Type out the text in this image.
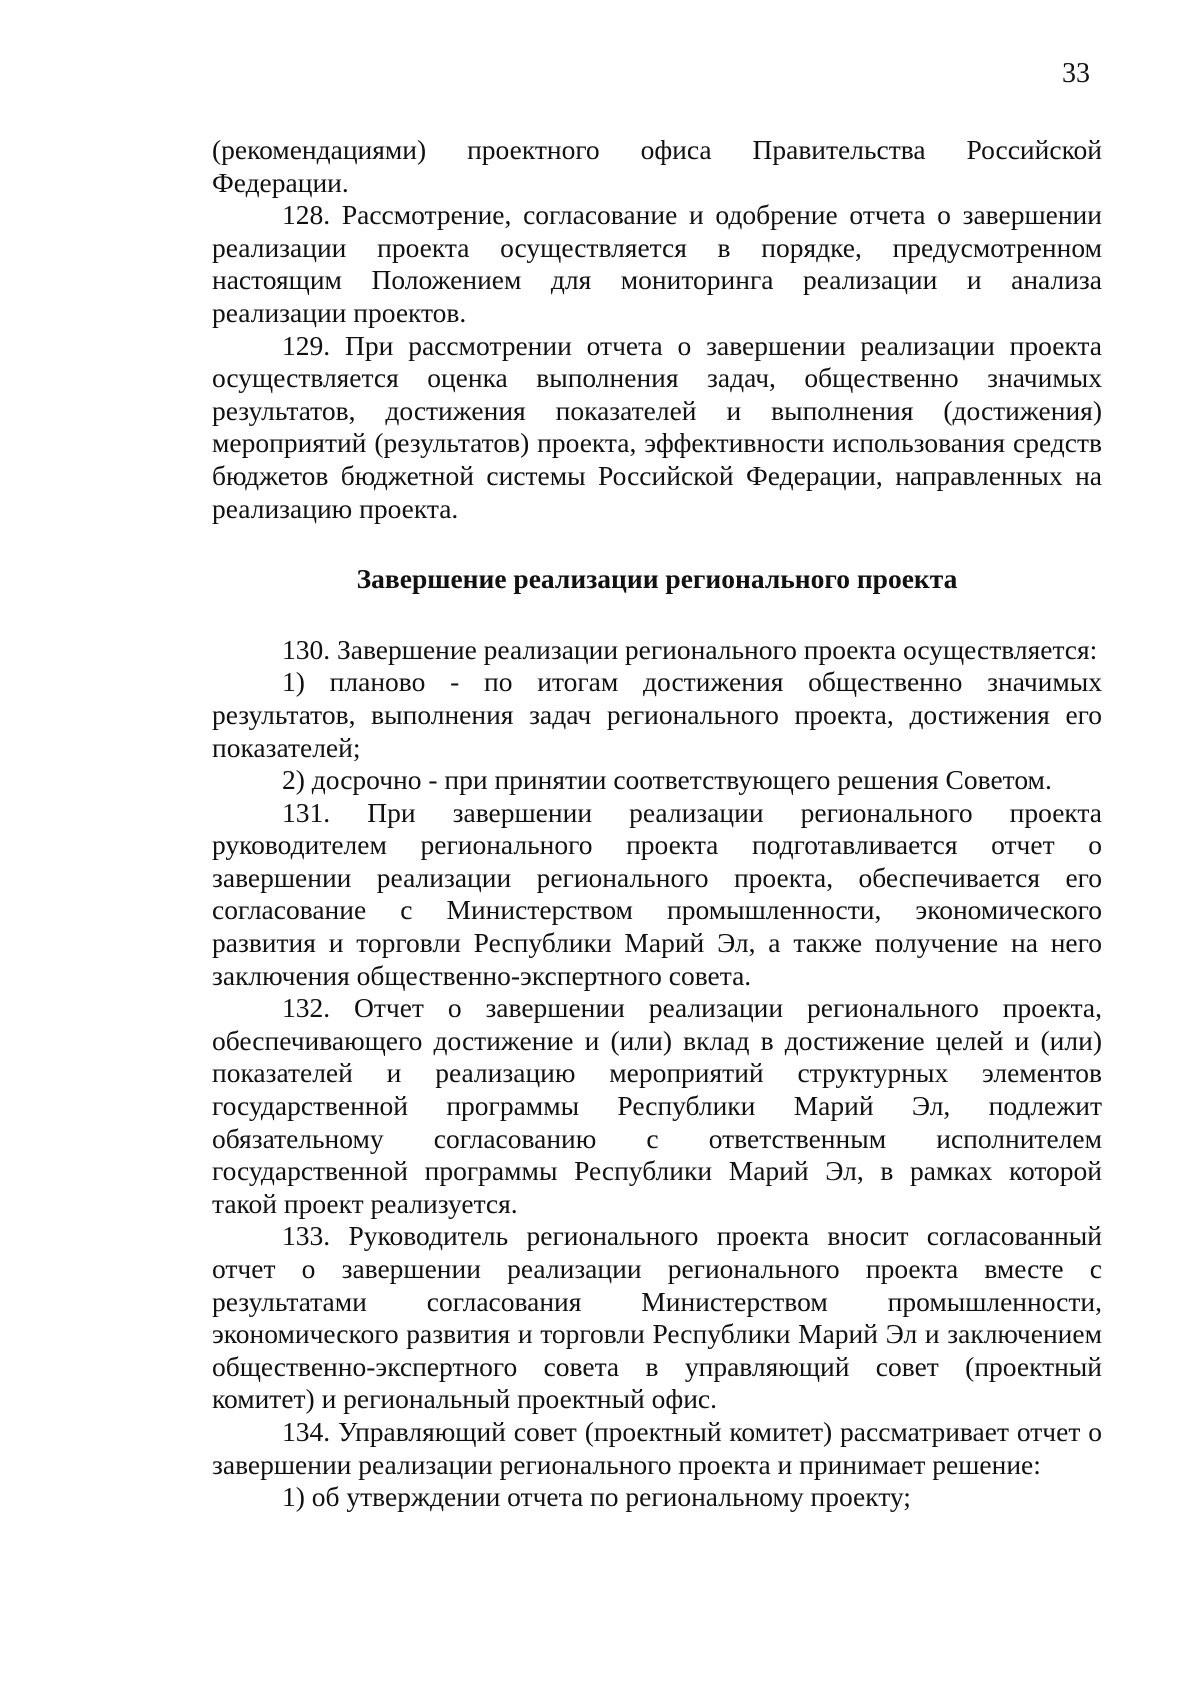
33

(рекомендациями) проектного офиса Правительства Российской Федерации.

128. Рассмотрение, согласование и одобрение отчета о завершении реализации проекта осуществляется в порядке, предусмотренном настоящим Положением для мониторинга реализации и анализа реализации проектов.

129. При рассмотрении отчета о завершении реализации проекта осуществляется оценка выполнения задач, общественно значимых результатов, достижения показателей и выполнения (достижения) мероприятий (результатов) проекта, эффективности использования средств бюджетов бюджетной системы Российской Федерации, направленных на реализацию проекта.

Завершение реализации регионального проекта

130. Завершение реализации регионального проекта осуществляется:

1) планово - по итогам достижения общественно значимых результатов, выполнения задач регионального проекта, достижения его показателей;

2) досрочно - при принятии соответствующего решения Советом.

131. При завершении реализации регионального проекта руководителем регионального проекта подготавливается отчет о завершении реализации регионального проекта, обеспечивается его согласование с Министерством промышленности, экономического развития и торговли Республики Марий Эл, а также получение на него заключения общественно-экспертного совета.

132. Отчет о завершении реализации регионального проекта, обеспечивающего достижение и (или) вклад в достижение целей и (или) показателей и реализацию мероприятий структурных элементов государственной программы Республики Марий Эл, подлежит обязательному согласованию с ответственным исполнителем государственной программы Республики Марий Эл, в рамках которой такой проект реализуется.

133. Руководитель регионального проекта вносит согласованный отчет о завершении реализации регионального проекта вместе с результатами согласования Министерством промышленности, экономического развития и торговли Республики Марий Эл и заключением общественно-экспертного совета в управляющий совет (проектный комитет) и региональный проектный офис.

134. Управляющий совет (проектный комитет) рассматривает отчет о завершении реализации регионального проекта и принимает решение:

1) об утверждении отчета по региональному проекту;
